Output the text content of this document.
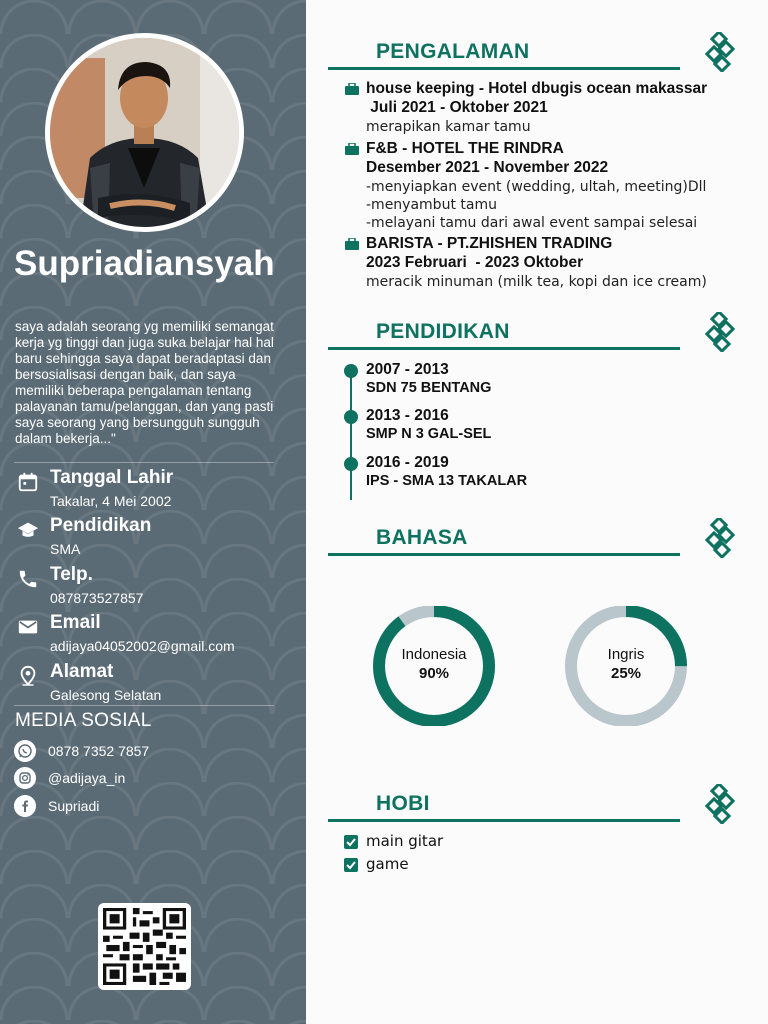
Supriadiansyah
saya adalah seorang yg memiliki semangat kerja yg tinggi dan juga suka belajar hal hal baru sehingga saya dapat beradaptasi dan bersosialisasi dengan baik, dan saya memiliki beberapa pengalaman tentang palayanan tamu/pelanggan, dan yang pasti saya seorang yang bersungguh sungguh dalam bekerja..."
Tanggal Lahir
Takalar, 4 Mei 2002
Pendidikan
SMA
Telp.
087873527857
Email
adijaya04052002@gmail.com
Alamat
Galesong Selatan
MEDIA SOSIAL
0878 7352 7857
@adijaya_in
Supriadi
PENGALAMAN
house keeping - Hotel dbugis ocean makassar
Juli 2021 - Oktober 2021
merapikan kamar tamu
F&B - HOTEL THE RINDRA
Desember 2021 - November 2022
-menyiapkan event (wedding, ultah, meeting)Dll
-menyambut tamu
-melayani tamu dari awal event sampai selesai
BARISTA - PT.ZHISHEN TRADING
2023 Februari  - 2023 Oktober
meracik minuman (milk tea, kopi dan ice cream)
PENDIDIKAN
2007 - 2013
SDN 75 BENTANG
2013 - 2016
SMP N 3 GAL-SEL
2016 - 2019
IPS - SMA 13 TAKALAR
BAHASA
Indonesia
90%
Ingris
25%
HOBI
main gitar
game
